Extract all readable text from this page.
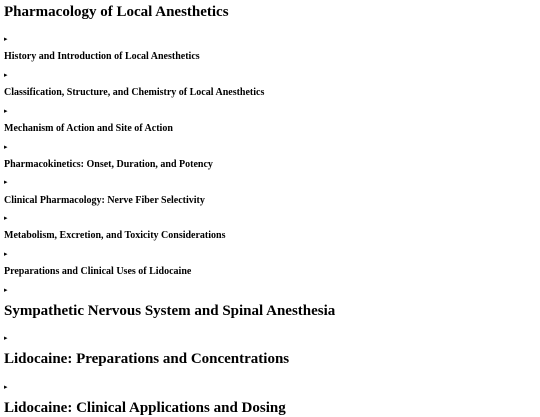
Pharmacology of Local Anesthetics
▸
History and Introduction of Local Anesthetics
▸
Classification, Structure, and Chemistry of Local Anesthetics
▸
Mechanism of Action and Site of Action
▸
Pharmacokinetics: Onset, Duration, and Potency
▸
Clinical Pharmacology: Nerve Fiber Selectivity
▸
Metabolism, Excretion, and Toxicity Considerations
▸
Preparations and Clinical Uses of Lidocaine
▸
Sympathetic Nervous System and Spinal Anesthesia
▸
Lidocaine: Preparations and Concentrations
▸
Lidocaine: Clinical Applications and Dosing
